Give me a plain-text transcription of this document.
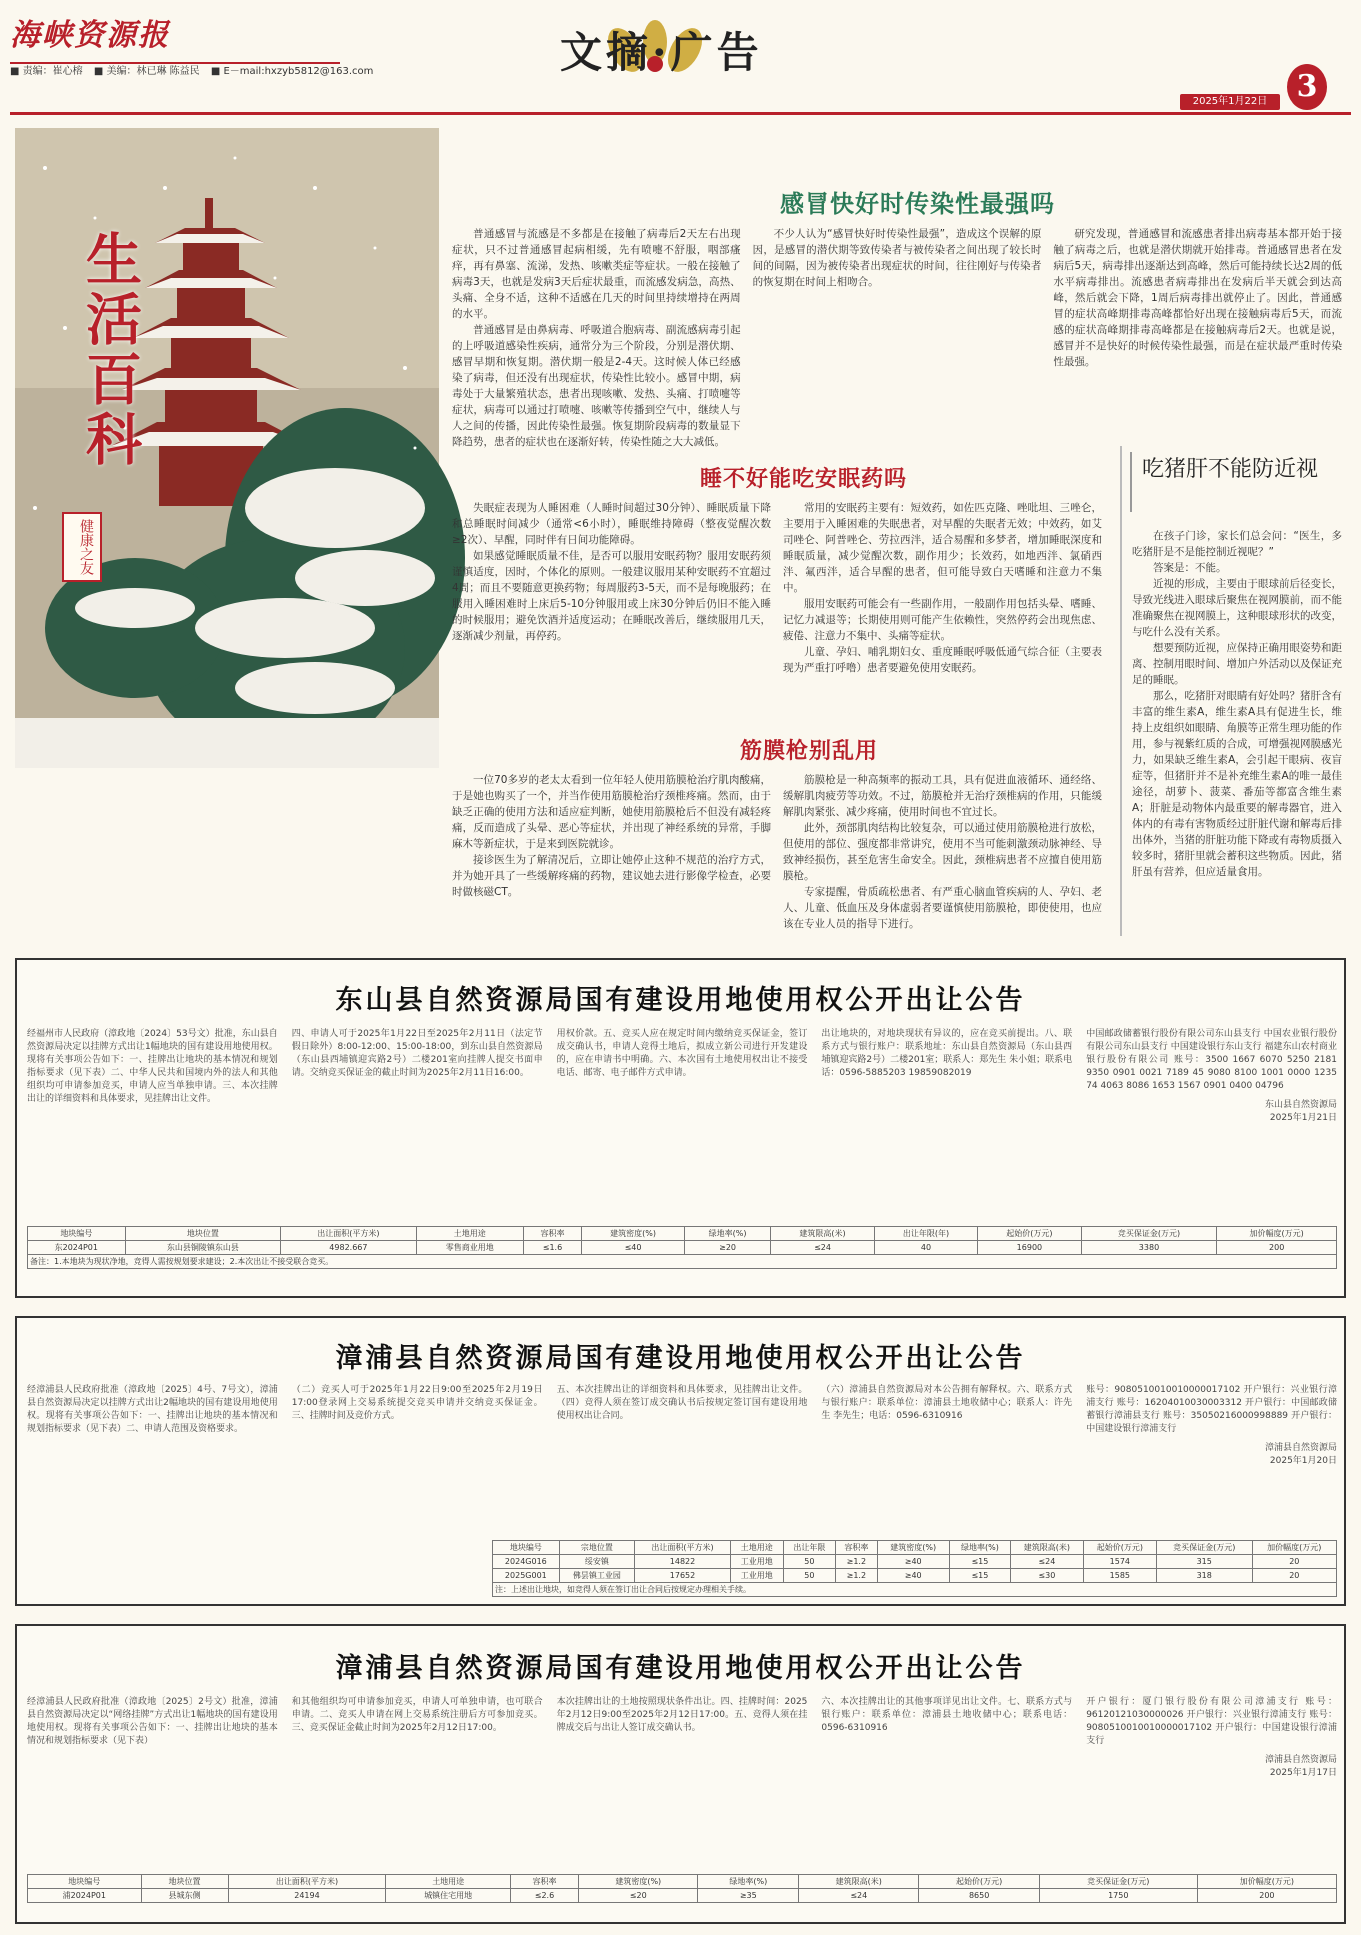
海峡资源报
■ 责编：崔心榕 ■ 美编：林已琳 陈益民 ■ E－mail:hxzyb5812@163.com	文摘·广告
2025年1月22日 3
生活百科
健康之友
感冒快好时传染性最强吗

普通感冒与流感是不多都是在接触了病毒后2天左右出现症状，只不过普通感冒起病相缓，先有喷嚏不舒服，咽部瘙痒，再有鼻塞、流涕，发热、咳嗽类症等症状。一般在接触了病毒3天，也就是发病3天后症状最重，而流感发病急，高热、头痛、全身不适，这种不适感在几天的时间里持续增持在两周的水平。

普通感冒是由鼻病毒、呼吸道合胞病毒、副流感病毒引起的上呼吸道感染性疾病，通常分为三个阶段，分别是潜伏期、感冒早期和恢复期。潜伏期一般是2-4天。这时候人体已经感染了病毒，但还没有出现症状，传染性比较小。感冒中期，病毒处于大量繁殖状态，患者出现咳嗽、发热、头痛、打喷嚏等症状，病毒可以通过打喷嚏、咳嗽等传播到空气中，继续人与人之间的传播，因此传染性最强。恢复期阶段病毒的数量显下降趋势，患者的症状也在逐渐好转，传染性随之大大减低。

不少人认为“感冒快好时传染性最强”，造成这个误解的原因，是感冒的潜伏期等致传染者与被传染者之间出现了较长时间的间隔，因为被传染者出现症状的时间，往往刚好与传染者的恢复期在时间上相吻合。

研究发现，普通感冒和流感患者排出病毒基本都开始于接触了病毒之后，也就是潜伏期就开始排毒。普通感冒患者在发病后5天，病毒排出逐渐达到高峰，然后可能持续长达2周的低水平病毒排出。流感患者病毒排出在发病后半天就会到达高峰，然后就会下降，1周后病毒排出就停止了。因此，普通感冒的症状高峰期排毒高峰都恰好出现在接触病毒后5天，而流感的症状高峰期排毒高峰都是在接触病毒后2天。也就是说，感冒并不是快好的时候传染性最强，而是在症状最严重时传染性最强。

睡不好能吃安眠药吗

失眠症表现为人睡困难（人睡时间超过30分钟）、睡眠质量下降和总睡眠时间减少（通常<6小时），睡眠维持障碍（整夜觉醒次数≥2次）、早醒，同时伴有日间功能障碍。

如果感觉睡眠质量不佳，是否可以服用安眠药物？服用安眠药须谨慎适度，因时，个体化的原则。一般建议服用某种安眠药不宜超过4周；而且不要随意更换药物；每周服药3-5天，而不是每晚服药；在服用入睡困难时上床后5-10分钟服用或上床30分钟后仍旧不能入睡的时候服用；避免饮酒并适度运动；在睡眠改善后，继续服用几天，逐渐减少剂量，再停药。

常用的安眠药主要有：短效药，如佐匹克隆、唑吡坦、三唑仑，主要用于入睡困难的失眠患者，对早醒的失眠者无效；中效药，如艾司唑仑、阿普唑仑、劳拉西泮，适合易醒和多梦者，增加睡眠深度和睡眠质量，减少觉醒次数，副作用少；长效药，如地西泮、氯硝西泮、氟西泮，适合早醒的患者，但可能导致白天嗜睡和注意力不集中。

服用安眠药可能会有一些副作用，一般副作用包括头晕、嗜睡、记忆力减退等；长期使用则可能产生依赖性，突然停药会出现焦虑、疲倦、注意力不集中、头痛等症状。

儿童、孕妇、哺乳期妇女、重度睡眠呼吸低通气综合征（主要表现为严重打呼噜）患者要避免使用安眠药。

筋膜枪别乱用

一位70多岁的老太太看到一位年轻人使用筋膜枪治疗肌肉酸痛，于是她也购买了一个，并当作使用筋膜枪治疗颈椎疼痛。然而，由于缺乏正确的使用方法和适应症判断，她使用筋膜枪后不但没有减轻疼痛，反而造成了头晕、恶心等症状，并出现了神经系统的异常，手脚麻木等新症状，于是来到医院就诊。

接诊医生为了解清况后，立即让她停止这种不规范的治疗方式，并为她开具了一些缓解疼痛的药物，建议她去进行影像学检查，必要时做核磁CT。

筋膜枪是一种高频率的振动工具，具有促进血液循环、通经络、缓解肌肉疲劳等功效。不过，筋膜枪并无治疗颈椎病的作用，只能缓解肌肉紧张、减少疼痛，使用时间也不宜过长。

此外，颈部肌肉结构比较复杂，可以通过使用筋膜枪进行放松，但使用的部位、强度都非常讲究，使用不当可能刺激颈动脉神经、导致神经损伤，甚至危害生命安全。因此，颈椎病患者不应擅自使用筋膜枪。

专家提醒，骨质疏松患者、有严重心脑血管疾病的人、孕妇、老人、儿童、低血压及身体虚弱者要谨慎使用筋膜枪，即使使用，也应该在专业人员的指导下进行。

吃猪肝不能防近视

在孩子门诊，家长们总会问：“医生，多吃猪肝是不是能控制近视呢？”

答案是：不能。

近视的形成，主要由于眼球前后径变长，导致光线进入眼球后聚焦在视网膜前，而不能准确聚焦在视网膜上，这种眼球形状的改变，与吃什么没有关系。

想要预防近视，应保持正确用眼姿势和距离、控制用眼时间、增加户外活动以及保证充足的睡眠。

那么，吃猪肝对眼睛有好处吗？猪肝含有丰富的维生素A，维生素A具有促进生长，维持上皮组织如眼睛、角膜等正常生理功能的作用，参与视紫红质的合成，可增强视网膜感光力，如果缺乏维生素A，会引起干眼病、夜盲症等，但猪肝并不是补充维生素A的唯一最佳途径，胡萝卜、菠菜、番茄等都富含维生素A；肝脏是动物体内最重要的解毒器官，进入体内的有毒有害物质经过肝脏代谢和解毒后排出体外，当猪的肝脏功能下降或有毒物质摄入较多时，猪肝里就会蓄积这些物质。因此，猪肝虽有营养，但应适量食用。

东山县自然资源局国有建设用地使用权公开出让公告

经福州市人民政府（漳政地〔2024〕53号文）批准，东山县自然资源局决定以挂牌方式出让1幅地块的国有建设用地使用权。现将有关事项公告如下：一、挂牌出让地块的基本情况和规划指标要求（见下表）二、中华人民共和国境内外的法人和其他组织均可申请参加竞买，申请人应当单独申请。三、本次挂牌出让的详细资料和具体要求，见挂牌出让文件。

四、申请人可于2025年1月22日至2025年2月11日（法定节假日除外）8:00-12:00、15:00-18:00，到东山县自然资源局（东山县西埔镇迎宾路2号）二楼201室向挂牌人提交书面申请。交纳竞买保证金的截止时间为2025年2月11日16:00。

用权价款。五、竞买人应在规定时间内缴纳竞买保证金，签订成交确认书，申请人竞得土地后，拟成立新公司进行开发建设的，应在申请书中明确。六、本次国有土地使用权出让不接受电话、邮寄、电子邮件方式申请。

出让地块的，对地块现状有异议的，应在竞买前提出。八、联系方式与银行账户：联系地址：东山县自然资源局（东山县西埔镇迎宾路2号）二楼201室；联系人：郑先生 朱小姐；联系电话：0596-5885203 19859082019

中国邮政储蓄银行股份有限公司东山县支行 中国农业银行股份有限公司东山县支行 中国建设银行东山支行 福建东山农村商业银行股份有限公司 账号：3500 1667 6070 5250 2181 9350 0901 0021 7189 45 9080 8100 1001 0000 1235 74 4063 8086 1653 1567 0901 0400 04796

东山县自然资源局

2025年1月21日

地块编号	地块位置	出让面积(平方米)	土地用途	容积率	建筑密度(%)	绿地率(%)	建筑限高(米)	出让年限(年)	起始价(万元)	竞买保证金(万元)	加价幅度(万元)
东2024P01	东山县铜陵镇东山县	4982.667	零售商业用地	≤1.6	≤40	≥20	≤24	40	16900	3380	200
备注：1.本地块为现状净地，竞得人需按规划要求建设；2.本次出让不接受联合竞买。											
漳浦县自然资源局国有建设用地使用权公开出让公告

经漳浦县人民政府批准（漳政地〔2025〕4号、7号文），漳浦县自然资源局决定以挂牌方式出让2幅地块的国有建设用地使用权。现将有关事项公告如下：一、挂牌出让地块的基本情况和规划指标要求（见下表）二、申请人范围及资格要求。

（二）竞买人可于2025年1月22日9:00至2025年2月19日17:00登录网上交易系统提交竞买申请并交纳竞买保证金。三、挂牌时间及竞价方式。

五、本次挂牌出让的详细资料和具体要求，见挂牌出让文件。（四）竞得人须在签订成交确认书后按规定签订国有建设用地使用权出让合同。

（六）漳浦县自然资源局对本公告拥有解释权。六、联系方式与银行账户：联系单位：漳浦县土地收储中心；联系人：许先生 李先生；电话：0596-6310916

账号：9080510010010000017102 开户银行：兴业银行漳浦支行 账号：16204010030003312 开户银行：中国邮政储蓄银行漳浦县支行 账号：35050216000998889 开户银行：中国建设银行漳浦支行

漳浦县自然资源局

2025年1月20日

地块编号	宗地位置	出让面积(平方米)	土地用途	出让年限	容积率	建筑密度(%)	绿地率(%)	建筑限高(米)	起始价(万元)	竞买保证金(万元)	加价幅度(万元)
2024G016	绥安镇	14822	工业用地	50	≥1.2	≥40	≤15	≤24	1574	315	20
2025G001	佛昙镇工业园	17652	工业用地	50	≥1.2	≥40	≤15	≤30	1585	318	20
注：上述出让地块，如竞得人须在签订出让合同后按规定办理相关手续。											
漳浦县自然资源局国有建设用地使用权公开出让公告

经漳浦县人民政府批准（漳政地〔2025〕2号文）批准，漳浦县自然资源局决定以“网络挂牌”方式出让1幅地块的国有建设用地使用权。现将有关事项公告如下：一、挂牌出让地块的基本情况和规划指标要求（见下表）

和其他组织均可申请参加竞买，申请人可单独申请，也可联合申请。二、竞买人申请在网上交易系统注册后方可参加竞买。三、竞买保证金截止时间为2025年2月12日17:00。

本次挂牌出让的土地按照现状条件出让。四、挂牌时间：2025年2月12日9:00至2025年2月12日17:00。五、竞得人须在挂牌成交后与出让人签订成交确认书。

六、本次挂牌出让的其他事项详见出让文件。七、联系方式与银行账户：联系单位：漳浦县土地收储中心；联系电话：0596-6310916

开户银行：厦门银行股份有限公司漳浦支行 账号：96120121030000026 开户银行：兴业银行漳浦支行 账号：9080510010010000017102 开户银行：中国建设银行漳浦支行

漳浦县自然资源局

2025年1月17日

地块编号	地块位置	出让面积(平方米)	土地用途	容积率	建筑密度(%)	绿地率(%)	建筑限高(米)	起始价(万元)	竞买保证金(万元)	加价幅度(万元)
浦2024P01	县城东侧	24194	城镇住宅用地	≤2.6	≤20	≥35	≤24	8650	1750	200
